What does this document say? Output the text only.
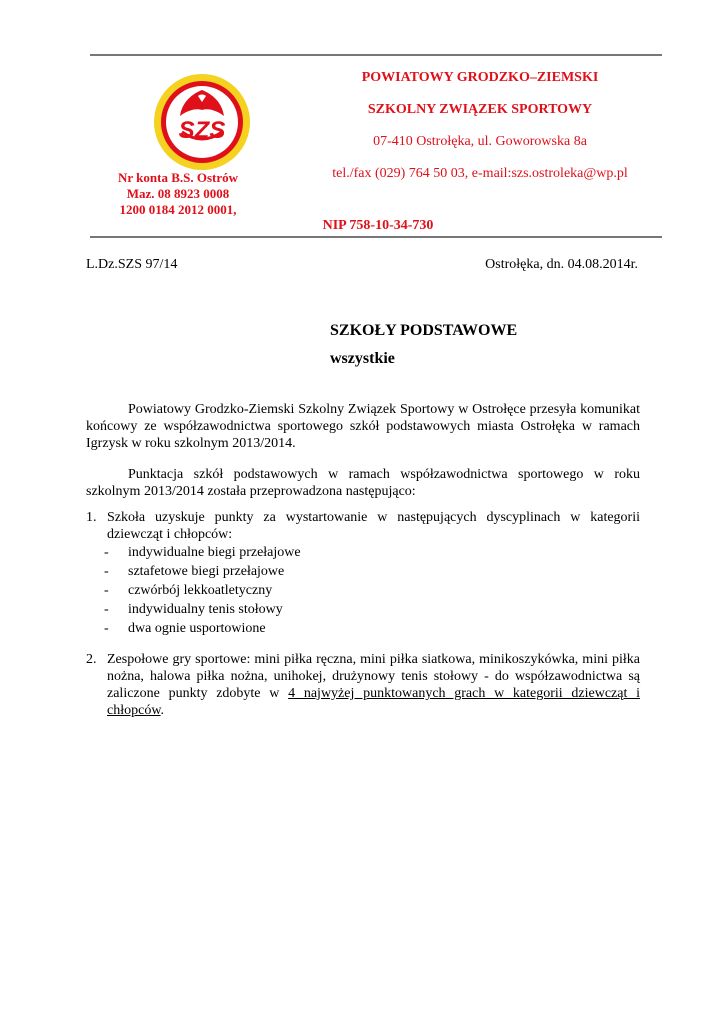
SZS
POWIATOWY GRODZKO–ZIEMSKI
SZKOLNY ZWIĄZEK SPORTOWY
07-410 Ostrołęka, ul. Goworowska 8a
tel./fax (029) 764 50 03, e-mail:szs.ostroleka@wp.pl
NIP 758-10-34-730
Nr konta B.S. Ostrów
Maz. 08 8923 0008
1200 0184 2012 0001,
L.Dz.SZS 97/14	Ostrołęka, dn. 04.08.2014r.
SZKOŁY PODSTAWOWE
wszystkie
Powiatowy Grodzko-Ziemski Szkolny Związek Sportowy w Ostrołęce przesyła komunikat końcowy ze współzawodnictwa sportowego szkół podstawowych miasta Ostrołęka w ramach Igrzysk w roku szkolnym 2013/2014.
Punktacja szkół podstawowych w ramach współzawodnictwa sportowego w roku szkolnym 2013/2014 została przeprowadzona następująco:
1. Szkoła uzyskuje punkty za wystartowanie w następujących dyscyplinach w kategorii dziewcząt i chłopców:
- indywidualne biegi przełajowe
- sztafetowe biegi przełajowe
- czwórbój lekkoatletyczny
- indywidualny tenis stołowy
- dwa ognie usportowione
2. Zespołowe gry sportowe: mini piłka ręczna, mini piłka siatkowa, minikoszykówka, mini piłka nożna, halowa piłka nożna, unihokej, drużynowy tenis stołowy - do współzawodnictwa są zaliczone punkty zdobyte w 4 najwyżej punktowanych grach w kategorii dziewcząt i chłopców.
